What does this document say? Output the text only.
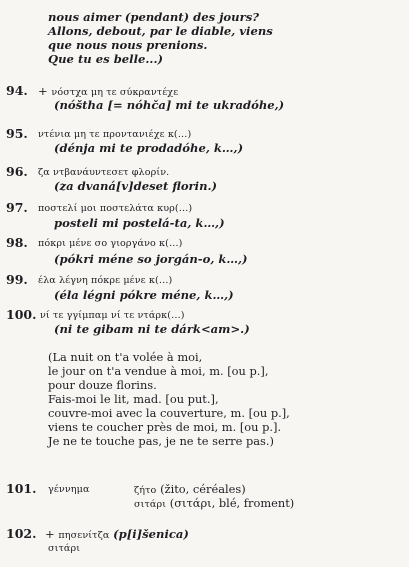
nous aimer (pendant) des jours?
Allons, debout, par le diable, viens
que nous nous prenions.
Que tu es belle...)
94. + νόστχα μη τε σύκραντέχε
(nóštha [= nóhča] mi te ukradóhe,)
95. ντένια μη τε προντανιέχε κ(…)
(dénja mi te prodadóhe, k…,)
96. ζα ντβανάυντεσετ φλορίν.
(za dvaná[v]deset florin.)
97. ποστελί μοι ποστελάτα κυρ(…)
posteli mi postelá-ta, k…,)
98. πόκρι μένε σο γιοργάνο κ(…)
(pókri méne so jorgán-o, k…,)
99. έλα λέγνη πόκρε μένε κ(…)
(éla légni pókre méne, k…,)
100. νί τε γγίμπαμ νί τε ντάρκ(…)
(ni te gibam ni te dárk<am>.)
(La nuit on t'a volée à moi,
le jour on t'a vendue à moi, m. [ou p.],
pour douze florins.
Fais-moi le lit, mad. [ou put.],
couvre-moi avec la couverture, m. [ou p.],
viens te coucher près de moi, m. [ou p.].
Je ne te touche pas, je ne te serre pas.)
101. γέννημα	ζήτο (žito, céréales)
σιτάρι (σιτάρι, blé, froment)
102. + πησενίτζα (p[i]šenica)
σιτάρι
